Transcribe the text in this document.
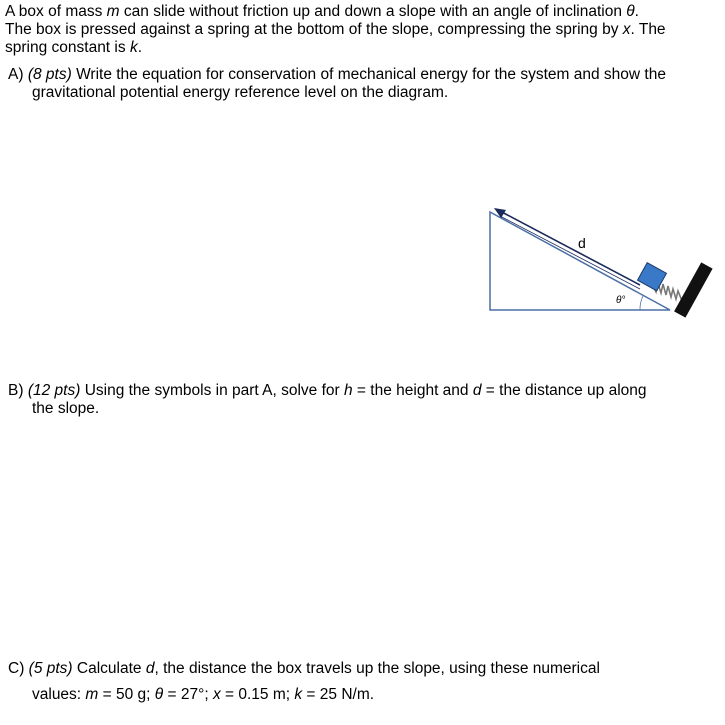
A box of mass m can slide without friction up and down a slope with an angle of inclination θ.
The box is pressed against a spring at the bottom of the slope, compressing the spring by x. The
spring constant is k.
A) (8 pts) Write the equation for conservation of mechanical energy for the system and show the
gravitational potential energy reference level on the diagram.
d
θ°
B) (12 pts) Using the symbols in part A, solve for h = the height and d = the distance up along
the slope.
C) (5 pts) Calculate d, the distance the box travels up the slope, using these numerical
values: m = 50 g; θ = 27°; x = 0.15 m; k = 25 N/m.
